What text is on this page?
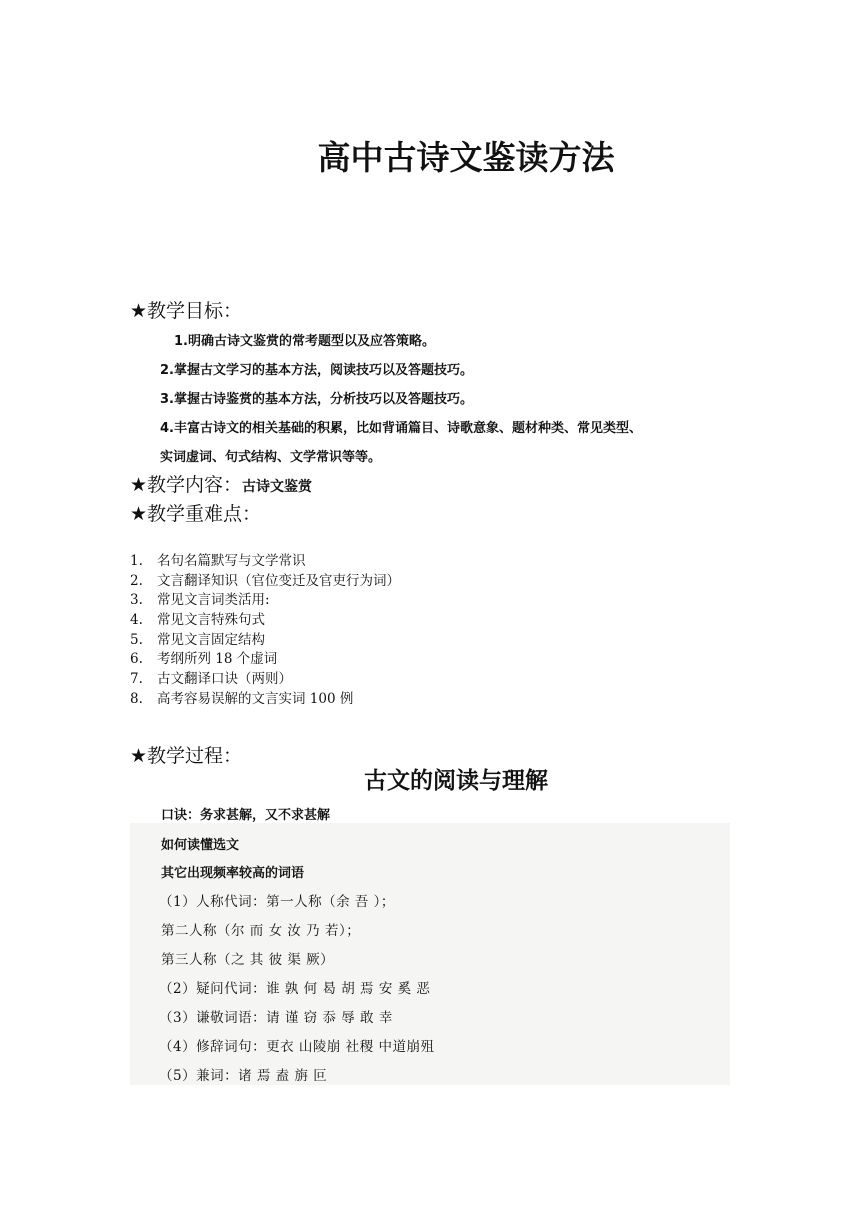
高中古诗文鉴读方法
★教学目标：
1.明确古诗文鉴赏的常考题型以及应答策略。
2.掌握古文学习的基本方法，阅读技巧以及答题技巧。
3.掌握古诗鉴赏的基本方法，分析技巧以及答题技巧。
4.丰富古诗文的相关基础的积累，比如背诵篇目、诗歌意象、题材种类、常见类型、
实词虚词、句式结构、文学常识等等。
★教学内容：古诗文鉴赏
★教学重难点：
1. 名句名篇默写与文学常识
2. 文言翻译知识（官位变迁及官吏行为词）
3. 常见文言词类活用:
4. 常见文言特殊句式
5. 常见文言固定结构
6. 考纲所列 18 个虚词
7. 古文翻译口诀（两则）
8. 高考容易误解的文言实词 100 例
★教学过程：
古文的阅读与理解
口诀：务求甚解，又不求甚解
如何读懂选文
其它出现频率较高的词语
（1）人称代词：第一人称（余 吾 ）；
第二人称（尔 而 女 汝 乃 若）；
第三人称（之 其 彼 渠 厥）
（2）疑问代词：谁 孰 何 曷 胡 焉 安 奚 恶
（3）谦敬词语：请 谨 窃 忝 辱 敢 幸
（4）修辞词句：更衣 山陵崩 社稷 中道崩殂
（5）兼词：诸 焉 盍 旃 叵
